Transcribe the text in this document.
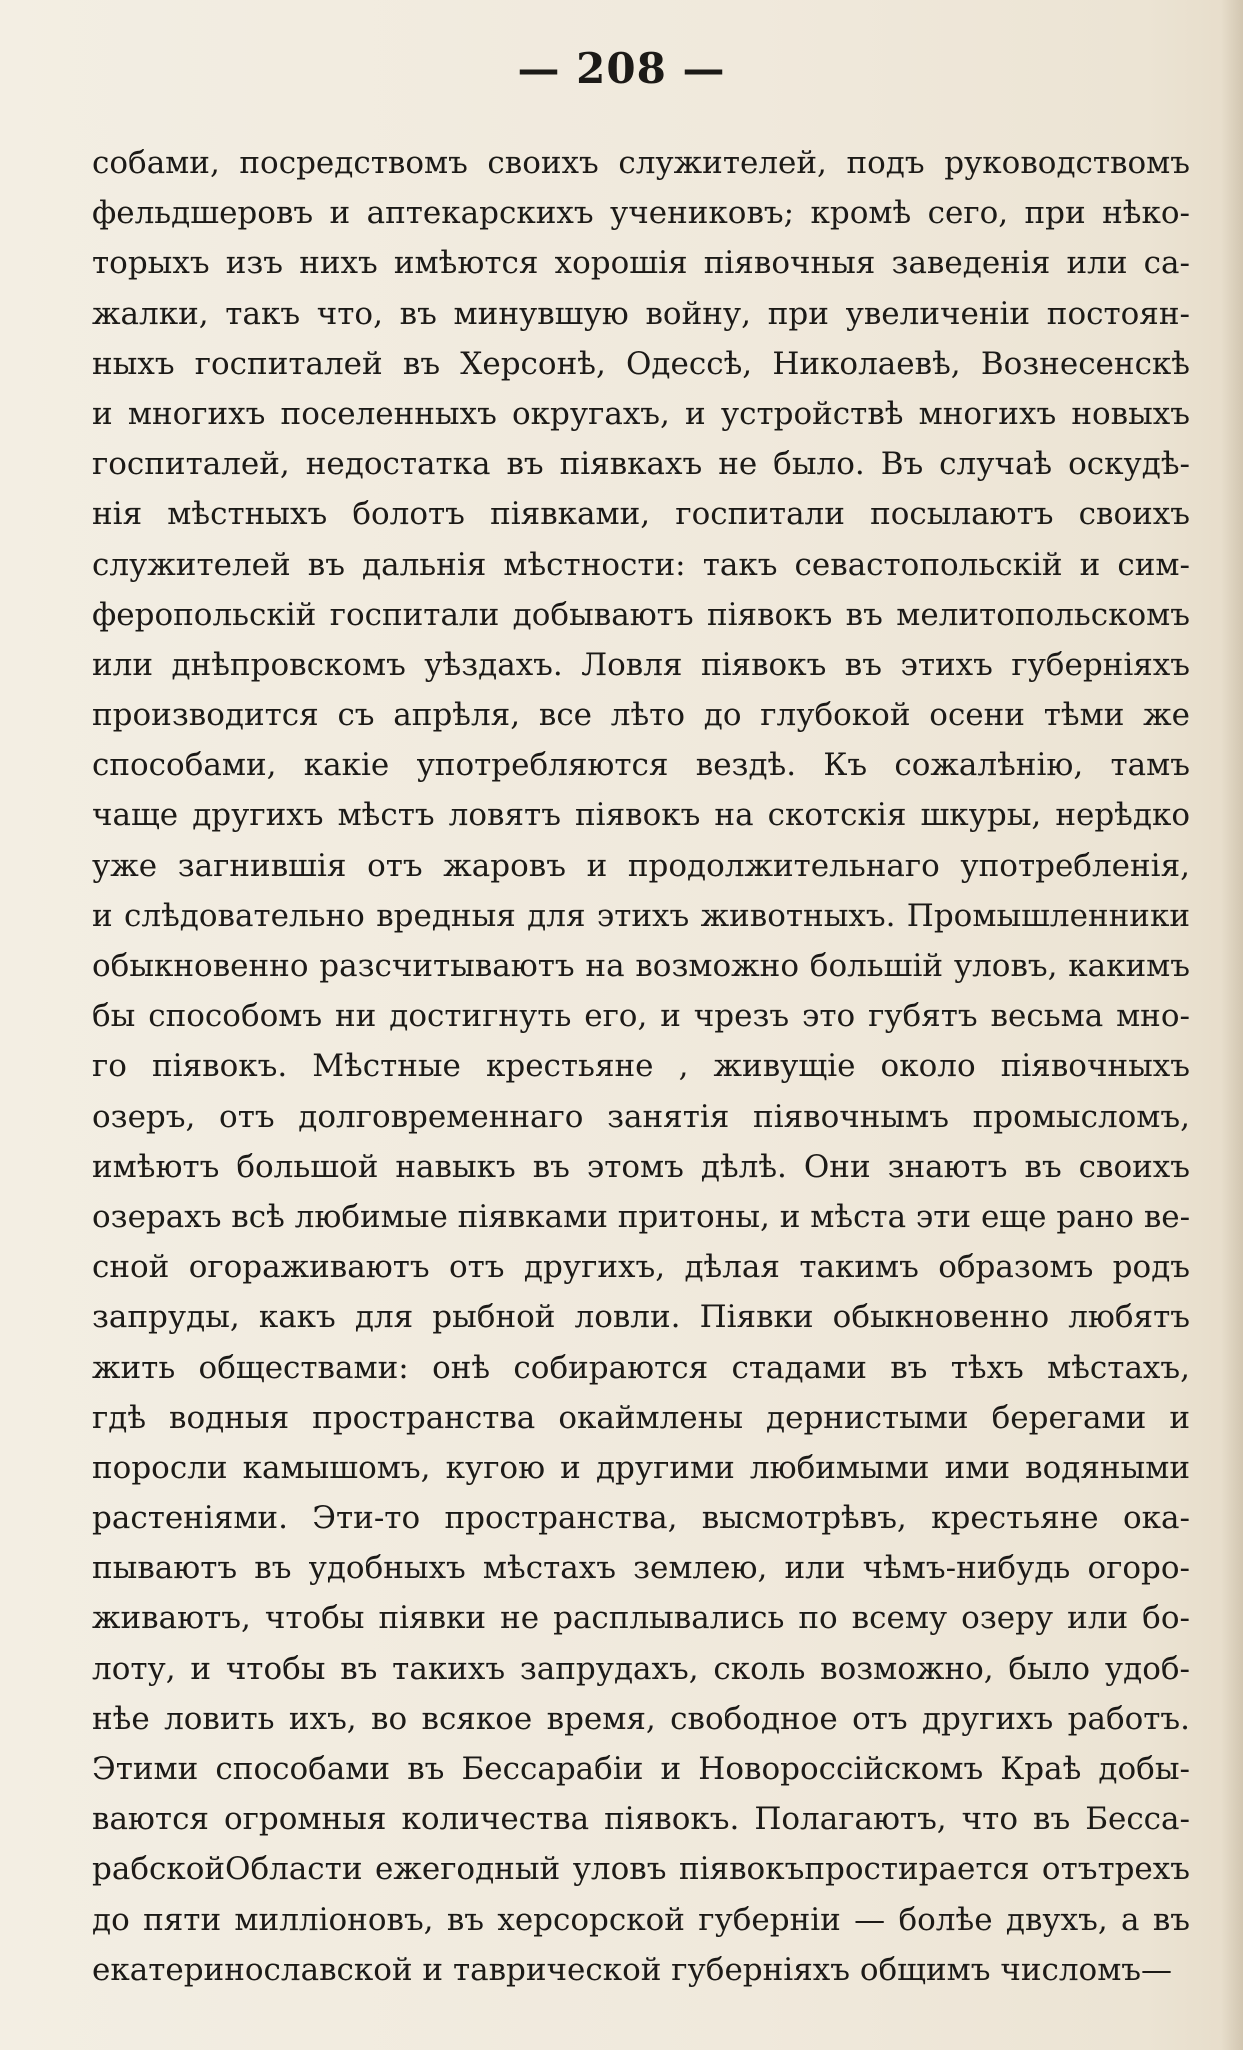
— 208 —
собами, посредствомъ своихъ служителей, подъ руководствомъ
фельдшеровъ и аптекарскихъ учениковъ; кромѣ сего, при нѣко-
торыхъ изъ нихъ имѣются хорошія піявочныя заведенія или са-
жалки, такъ что, въ минувшую войну, при увеличеніи постоян-
ныхъ госпиталей въ Херсонѣ, Одессѣ, Николаевѣ, Вознесенскѣ
и многихъ поселенныхъ округахъ, и устройствѣ многихъ новыхъ
госпиталей, недостатка въ піявкахъ не было. Въ случаѣ оскудѣ-
нія мѣстныхъ болотъ піявками, госпитали посылаютъ своихъ
служителей въ дальнія мѣстности: такъ севастопольскій и сим-
феропольскій госпитали добываютъ піявокъ въ мелитопольскомъ
или днѣпровскомъ уѣздахъ. Ловля піявокъ въ этихъ губерніяхъ
производится съ апрѣля, все лѣто до глубокой осени тѣми же
способами, какіе употребляются вездѣ. Къ сожалѣнію, тамъ
чаще другихъ мѣстъ ловятъ піявокъ на скотскія шкуры, нерѣдко
уже загнившія отъ жаровъ и продолжительнаго употребленія,
и слѣдовательно вредныя для этихъ животныхъ. Промышленники
обыкновенно разсчитываютъ на возможно большій уловъ, какимъ
бы способомъ ни достигнуть его, и чрезъ это губятъ весьма мно-
го піявокъ. Мѣстные крестьяне , живущіе около піявочныхъ
озеръ, отъ долговременнаго занятія піявочнымъ промысломъ,
имѣютъ большой навыкъ въ этомъ дѣлѣ. Они знаютъ въ своихъ
озерахъ всѣ любимые піявками притоны, и мѣста эти еще рано ве-
сной огораживаютъ отъ другихъ, дѣлая такимъ образомъ родъ
запруды, какъ для рыбной ловли. Піявки обыкновенно любятъ
жить обществами: онѣ собираются стадами въ тѣхъ мѣстахъ,
гдѣ водныя пространства окаймлены дернистыми берегами и
поросли камышомъ, кугою и другими любимыми ими водяными
растеніями. Эти-то пространства, высмотрѣвъ, крестьяне ока-
пываютъ въ удобныхъ мѣстахъ землею, или чѣмъ-нибудь огоро-
живаютъ, чтобы піявки не расплывались по всему озеру или бо-
лоту, и чтобы въ такихъ запрудахъ, сколь возможно, было удоб-
нѣе ловить ихъ, во всякое время, свободное отъ другихъ работъ.
Этими способами въ Бессарабіи и Новороссійскомъ Краѣ добы-
ваются огромныя количества піявокъ. Полагаютъ, что въ Бесса-
рабскойОбласти ежегодный уловъ піявокъпростирается отътрехъ
до пяти милліоновъ, въ херсорской губерніи — болѣе двухъ, а въ
екатеринославской и таврической губерніяхъ общимъ числомъ—
